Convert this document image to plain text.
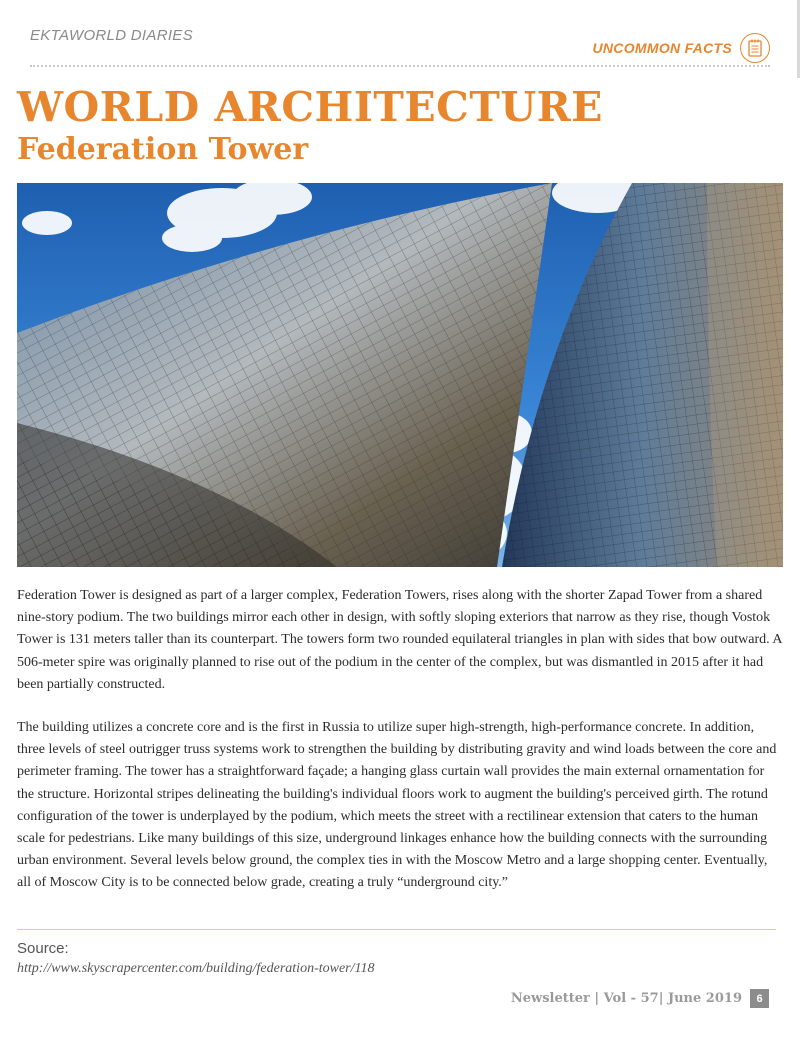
EKTAWORLD DIARIES
UNCOMMON FACTS
WORLD ARCHITECTURE
Federation Tower

Federation Tower is designed as part of a larger complex, Federation Towers, rises along with the shorter Zapad Tower from a shared nine-story podium. The two buildings mirror each other in design, with softly sloping exteriors that narrow as they rise, though Vostok Tower is 131 meters taller than its counterpart. The towers form two rounded equilateral triangles in plan with sides that bow outward. A 506-meter spire was originally planned to rise out of the podium in the center of the complex, but was dismantled in 2015 after it had been partially constructed.

The building utilizes a concrete core and is the first in Russia to utilize super high-strength, high-performance concrete. In addition, three levels of steel outrigger truss systems work to strengthen the building by distributing gravity and wind loads between the core and perimeter framing. The tower has a straightforward façade; a hanging glass curtain wall provides the main external ornamentation for the structure. Horizontal stripes delineating the building's individual floors work to augment the building's perceived girth. The rotund configuration of the tower is underplayed by the podium, which meets the street with a rectilinear extension that caters to the human scale for pedestrians. Like many buildings of this size, underground linkages enhance how the building connects with the surrounding urban environment. Several levels below ground, the complex ties in with the Moscow Metro and a large shopping center. Eventually, all of Moscow City is to be connected below grade, creating a truly “underground city.”

Source:
http://www.skyscrapercenter.com/building/federation-tower/118
Newsletter | Vol - 57| June 2019	6
